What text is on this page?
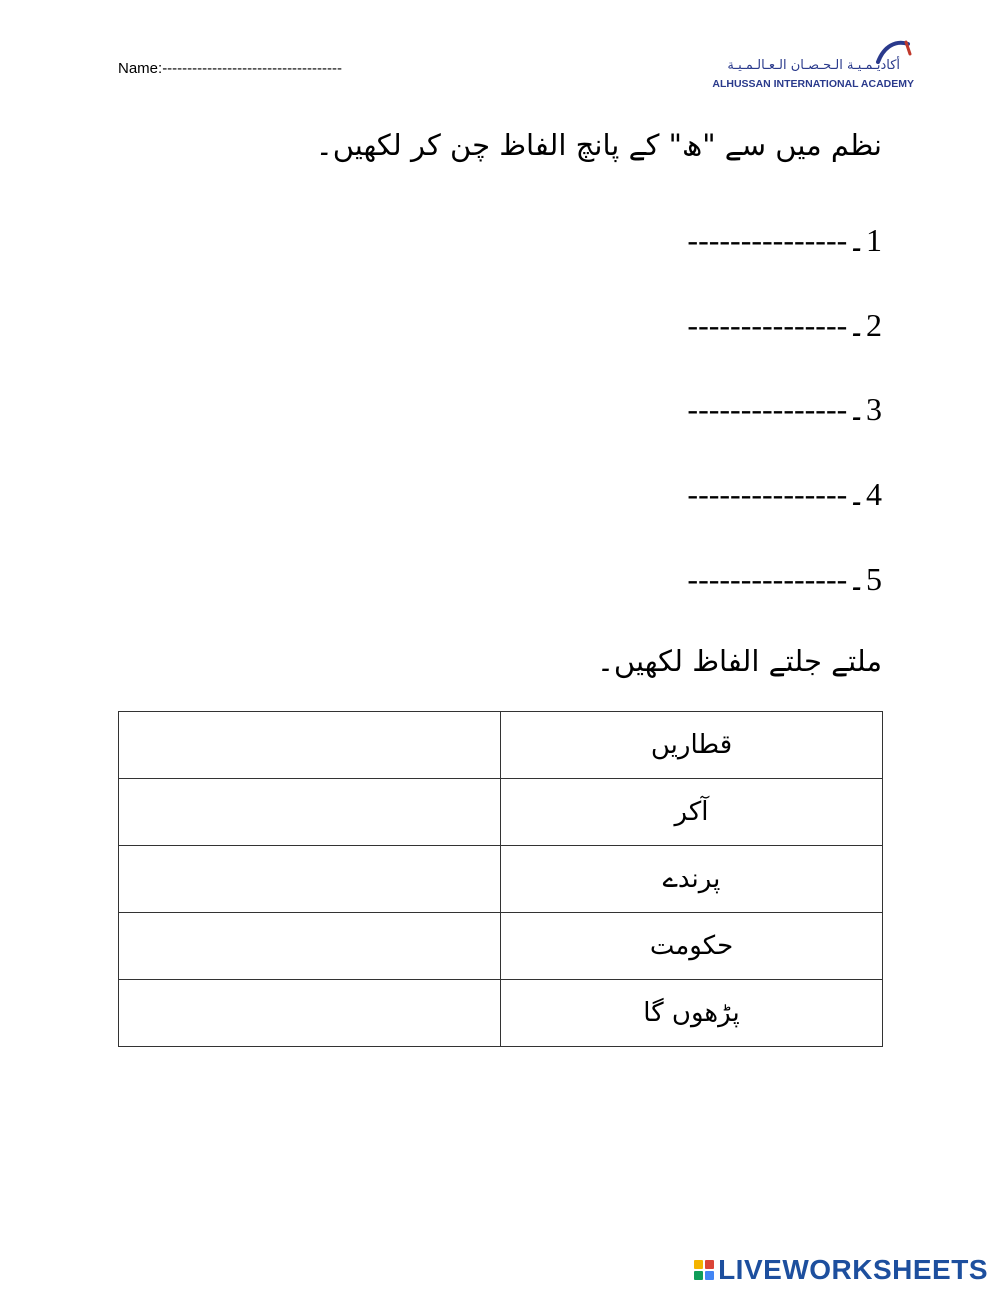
Name:------------------------------------	أكاديـمـيـة الـحـصـان الـعـالـمـيـة
ALHUSSAN INTERNATIONAL ACADEMY
نظم میں سے "ھ" کے پانچ الفاظ چن کر لکھیں۔
---------------۔ 1
---------------۔ 2
---------------۔ 3
---------------۔ 4
---------------۔ 5
ملتے جلتے الفاظ لکھیں۔
	قطاریں
	آکر
	پرندے
	حکومت
	پڑھوں گا
LIVEWORKSHEETS
